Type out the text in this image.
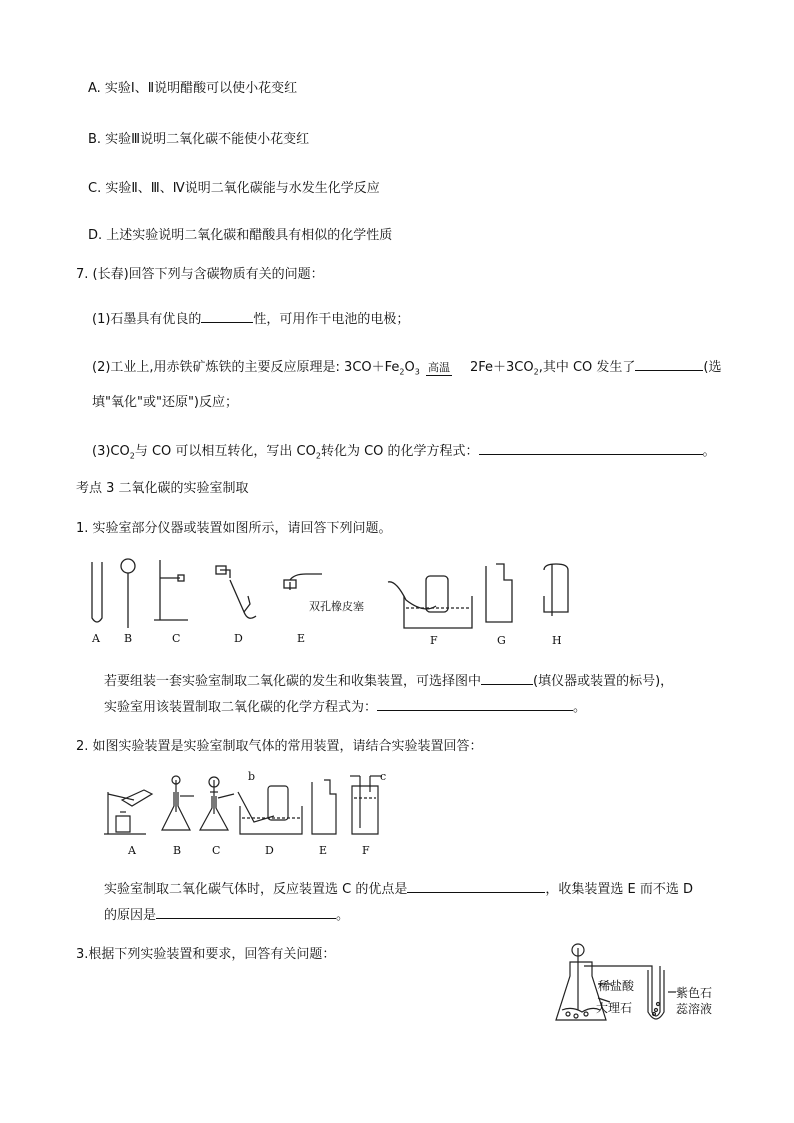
A. 实验Ⅰ、Ⅱ说明醋酸可以使小花变红
B. 实验Ⅲ说明二氧化碳不能使小花变红
C. 实验Ⅱ、Ⅲ、Ⅳ说明二氧化碳能与水发生化学反应
D. 上述实验说明二氧化碳和醋酸具有相似的化学性质
7. (长春)回答下列与含碳物质有关的问题：
(1)石墨具有优良的	性，可用作干电池的电极；
(2)工业上,用赤铁矿炼铁的主要反应原理是: $3CO+Fe_2O_3$ 高温 $2Fe+3CO_2$,其中 CO 发生了	(选
填"氧化"或"还原")反应；
$(3)CO_2$与 CO 可以相互转化，写出 $CO_2$转化为 CO 的化学方程式：	。
考点 3 二氧化碳的实验室制取
1. 实验室部分仪器或装置如图所示，请回答下列问题。
双孔橡皮塞
A B	C	D	E	F	G	H
若要组装一套实验室制取二氧化碳的发生和收集装置，可选择图中	(填仪器或装置的标号)，
实验室用该装置制取二氧化碳的化学方程式为：	。
2. 如图实验装置是实验室制取气体的常用装置，请结合实验装置回答：
b	c
A	B	C	D	E	F
实验室制取二氧化碳气体时，反应装置选 C 的优点是	，收集装置选 E 而不选 D
的原因是	。
3.根据下列实验装置和要求，回答有关问题：
稀盐酸
大理石
紫色石
蕊溶液
